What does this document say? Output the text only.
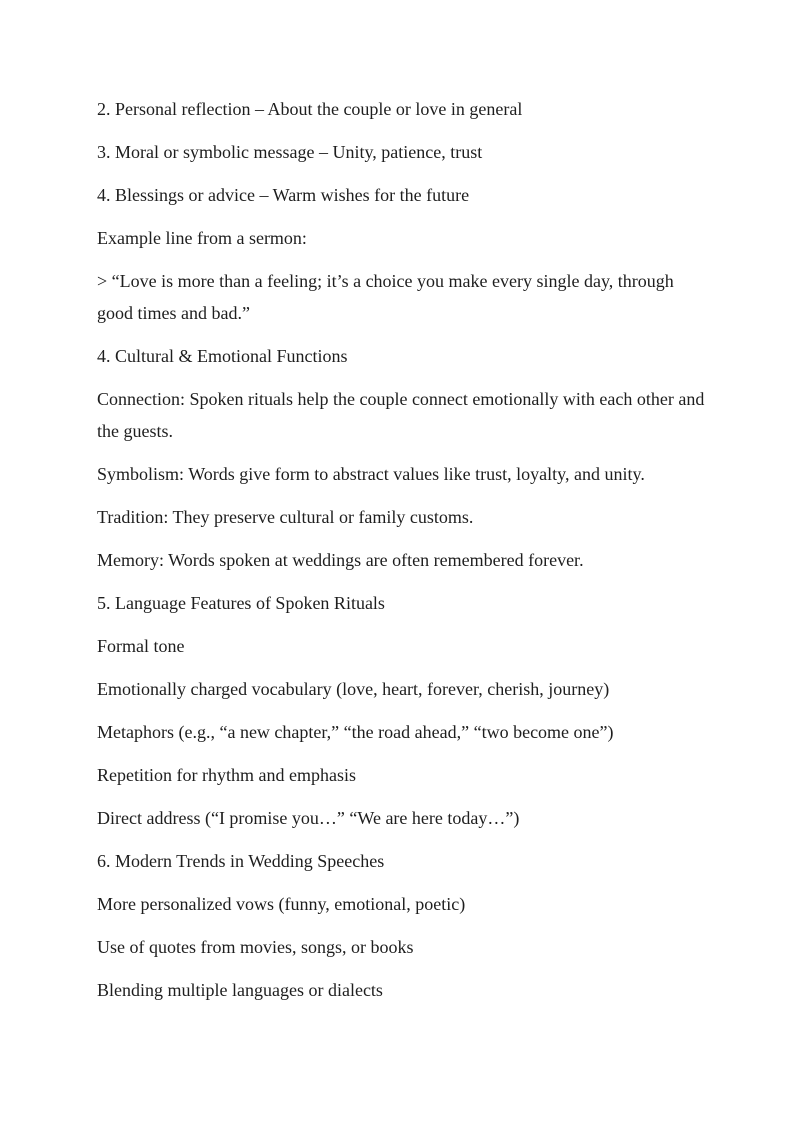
2. Personal reflection – About the couple or love in general

3. Moral or symbolic message – Unity, patience, trust

4. Blessings or advice – Warm wishes for the future

Example line from a sermon:

> “Love is more than a feeling; it’s a choice you make every single day, through good times and bad.”

4. Cultural & Emotional Functions

Connection: Spoken rituals help the couple connect emotionally with each other and the guests.

Symbolism: Words give form to abstract values like trust, loyalty, and unity.

Tradition: They preserve cultural or family customs.

Memory: Words spoken at weddings are often remembered forever.

5. Language Features of Spoken Rituals

Formal tone

Emotionally charged vocabulary (love, heart, forever, cherish, journey)

Metaphors (e.g., “a new chapter,” “the road ahead,” “two become one”)

Repetition for rhythm and emphasis

Direct address (“I promise you…” “We are here today…”)

6. Modern Trends in Wedding Speeches

More personalized vows (funny, emotional, poetic)

Use of quotes from movies, songs, or books

Blending multiple languages or dialects
